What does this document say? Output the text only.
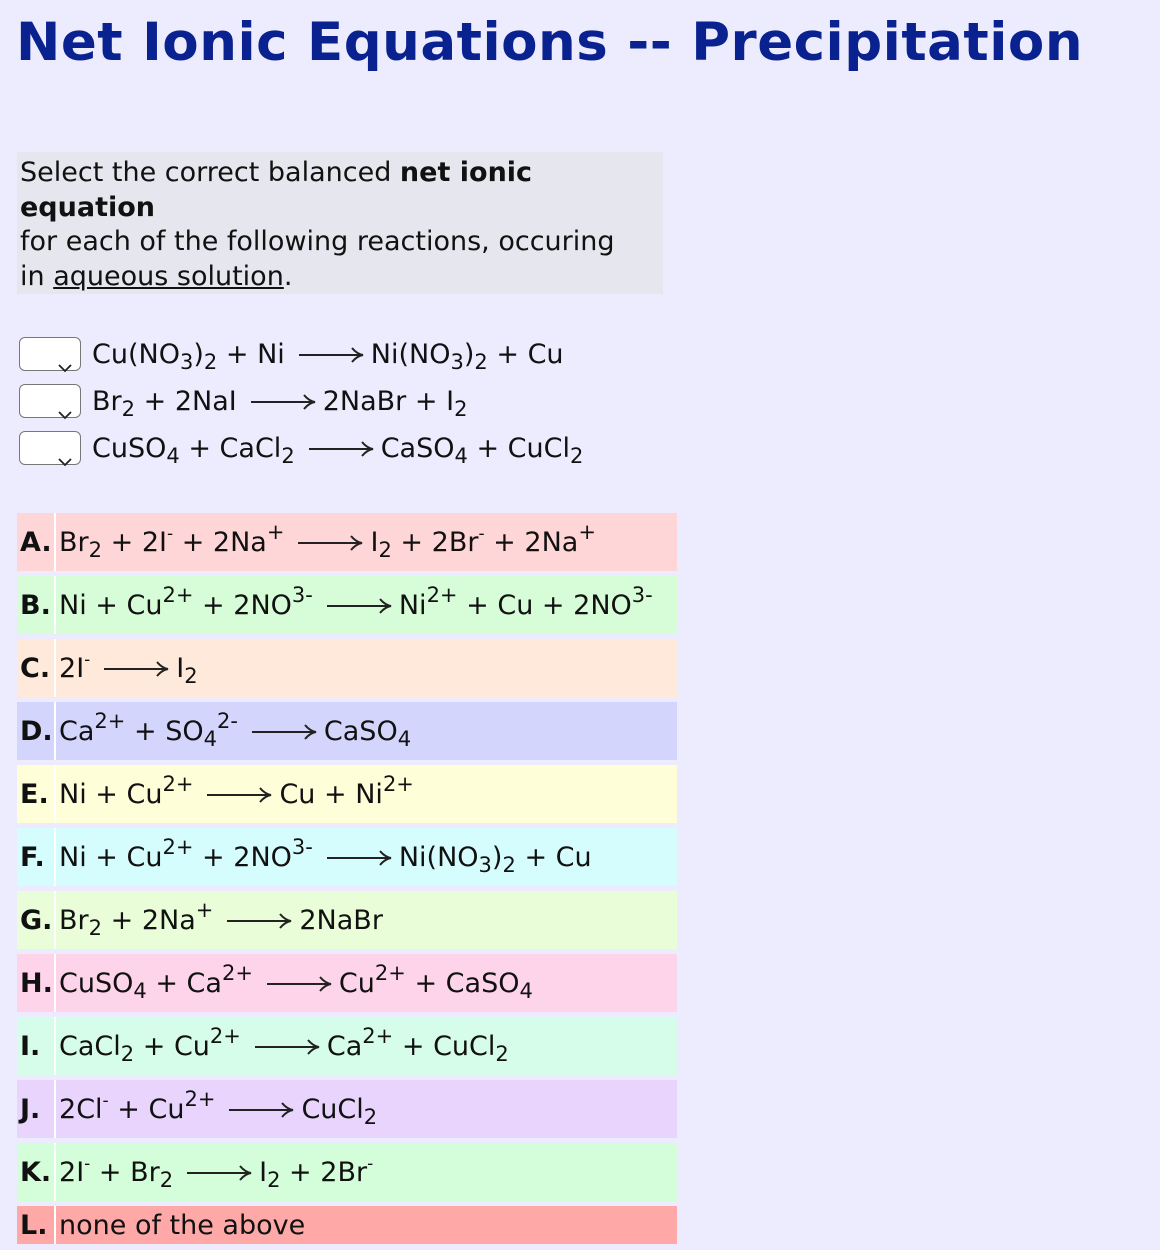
Net Ionic Equations -- Precipitation
Select the correct balanced net ionic equation
for each of the following reactions, occuring
in aqueous solution.
$Cu(NO_3)_2 + Ni \to Ni(NO_3)_2 + Cu$
$Br_2 + 2NaI$ → 2NaBr + $I_2$
CuSO$_4$ + CaCl$_2$ → CaSO$_4$ + CuCl$_2$
A. $Br_2 + 2I^- + 2Na^+ \to I_2 + 2Br^- + 2Na^+$
B. $Ni + Cu^{2+} + 2NO^{3-} \to Ni^{2+} + Cu + 2NO^{3-}$
C. $2I^- \to I_2$
D. $Ca^{2+} + SO_4^{2-}$ → CaSO$_4$
E. $Ni + Cu^{2+} \to Cu + Ni^{2+}$
F. $Ni + Cu^{2+} + 2NO^{3-} \to Ni(NO_3)_2 + Cu$
G. $Br_2 + 2Na^+$ → 2NaBr
H. CuSO$_4$ + $Ca^{2+} \to Cu^{2+}$ + CaSO$_4$
I. CaCl$_2$ + $Cu^{2+} \to Ca^{2+}$ + CuCl$_2$
J. $2Cl^- + Cu^{2+}$ → CuCl$_2$
K. $2I^- + Br_2 \to I_2 + 2Br^-$
L. none of the above
